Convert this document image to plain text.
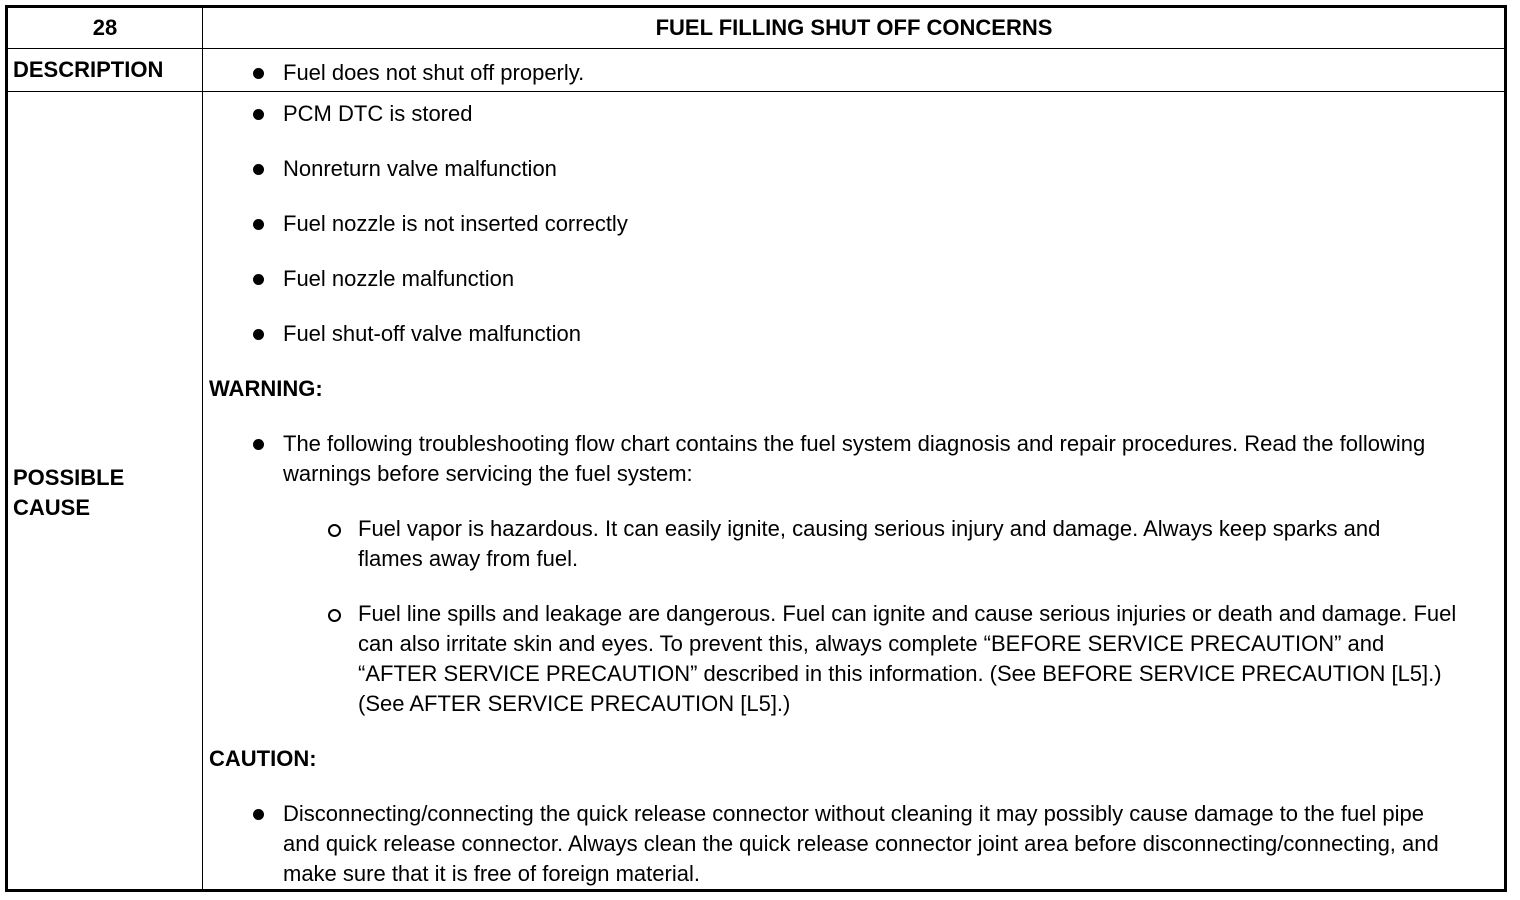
28	FUEL FILLING SHUT OFF CONCERNS
DESCRIPTION
POSSIBLE CAUSE
Fuel does not shut off properly.
PCM DTC is stored
Nonreturn valve malfunction
Fuel nozzle is not inserted correctly
Fuel nozzle malfunction
Fuel shut-off valve malfunction
WARNING:
The following troubleshooting flow chart contains the fuel system diagnosis and repair procedures. Read the following warnings before servicing the fuel system:
Fuel vapor is hazardous. It can easily ignite, causing serious injury and damage. Always keep sparks and flames away from fuel.
Fuel line spills and leakage are dangerous. Fuel can ignite and cause serious injuries or death and damage. Fuel can also irritate skin and eyes. To prevent this, always complete “BEFORE SERVICE PRECAUTION” and “AFTER SERVICE PRECAUTION” described in this information. (See BEFORE SERVICE PRECAUTION [L5].) (See AFTER SERVICE PRECAUTION [L5].)
CAUTION:
Disconnecting/connecting the quick release connector without cleaning it may possibly cause damage to the fuel pipe and quick release connector. Always clean the quick release connector joint area before disconnecting/connecting, and make sure that it is free of foreign material.
